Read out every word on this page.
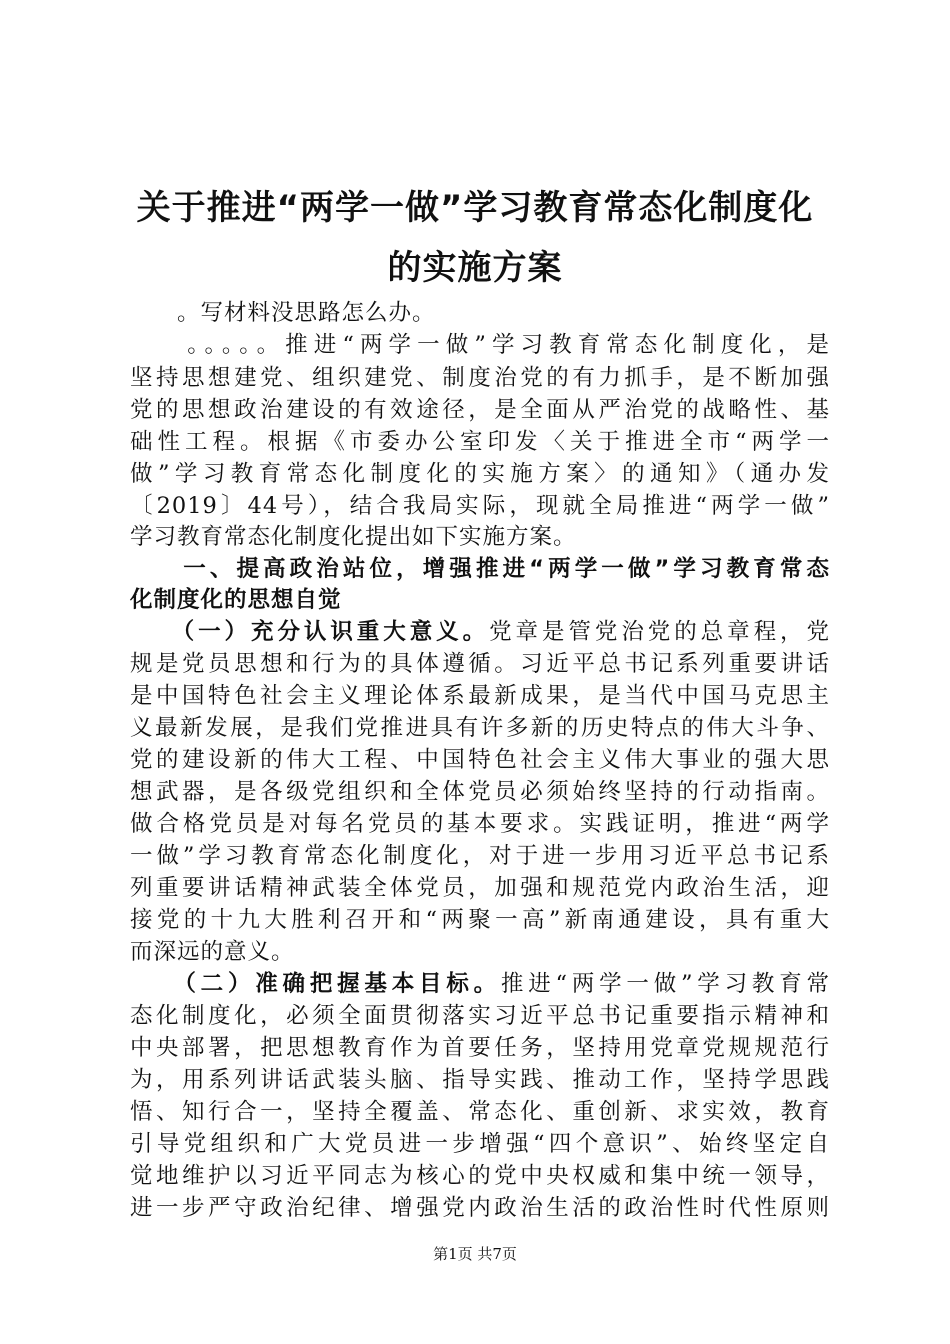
关于推进“两学一做”学习教育常态化制度化
的实施方案
　　。写材料没思路怎么办。
　　。。。。。推进“两学一做”学习教育常态化制度化，是
坚持思想建党、组织建党、制度治党的有力抓手，是不断加强
党的思想政治建设的有效途径，是全面从严治党的战略性、基
础性工程。根据《市委办公室印发〈关于推进全市“两学一
做”学习教育常态化制度化的实施方案〉的通知》（通办发
〔2019〕44号），结合我局实际，现就全局推进“两学一做”
学习教育常态化制度化提出如下实施方案。
　　一、提高政治站位，增强推进“两学一做”学习教育常态
化制度化的思想自觉
　　（一）充分认识重大意义。党章是管党治党的总章程，党
规是党员思想和行为的具体遵循。习近平总书记系列重要讲话
是中国特色社会主义理论体系最新成果，是当代中国马克思主
义最新发展，是我们党推进具有许多新的历史特点的伟大斗争、
党的建设新的伟大工程、中国特色社会主义伟大事业的强大思
想武器，是各级党组织和全体党员必须始终坚持的行动指南。
做合格党员是对每名党员的基本要求。实践证明，推进“两学
一做”学习教育常态化制度化，对于进一步用习近平总书记系
列重要讲话精神武装全体党员，加强和规范党内政治生活，迎
接党的十九大胜利召开和“两聚一高”新南通建设，具有重大
而深远的意义。
　　（二）准确把握基本目标。推进“两学一做”学习教育常
态化制度化，必须全面贯彻落实习近平总书记重要指示精神和
中央部署，把思想教育作为首要任务，坚持用党章党规规范行
为，用系列讲话武装头脑、指导实践、推动工作，坚持学思践
悟、知行合一，坚持全覆盖、常态化、重创新、求实效，教育
引导党组织和广大党员进一步增强“四个意识”、始终坚定自
觉地维护以习近平同志为核心的党中央权威和集中统一领导，
进一步严守政治纪律、增强党内政治生活的政治性时代性原则
第1页 共7页
